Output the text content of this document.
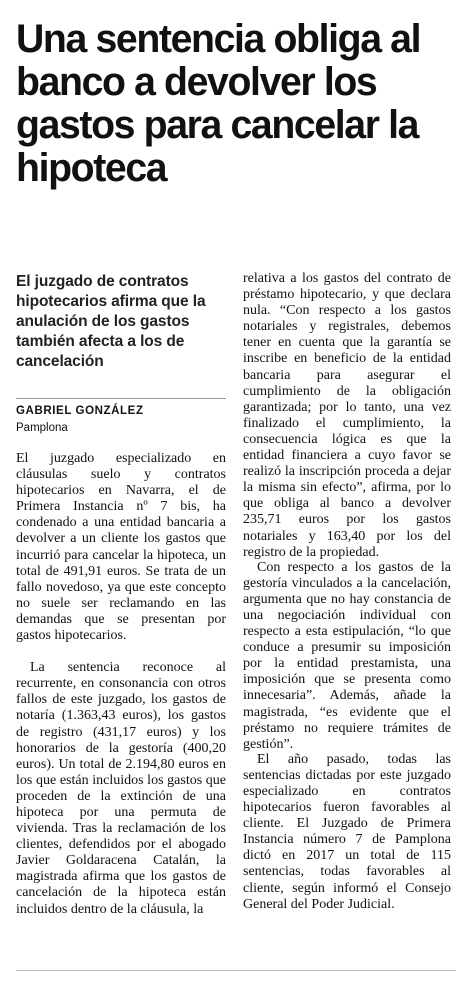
Una sentencia obliga al banco a devolver los gastos para cancelar la hipoteca

El juzgado de contratos hipotecarios afirma que la anulación de los gastos también afecta a los de cancelación

GABRIEL GONZÁLEZ

Pamplona

El juzgado especializado en cláusulas suelo y contratos hipotecarios en Navarra, el de Primera Instancia nº 7 bis, ha condenado a una entidad bancaria a devolver a un cliente los gastos que incurrió para cancelar la hipoteca, un total de 491,91 euros. Se trata de un fallo novedoso, ya que este concepto no suele ser reclamando en las demandas que se presentan por gastos hipotecarios.

La sentencia reconoce al recurrente, en consonancia con otros fallos de este juzgado, los gastos de notaría (1.363,43 euros), los gastos de registro (431,17 euros) y los honorarios de la gestoría (400,20 euros). Un total de 2.194,80 euros en los que están incluidos los gastos que proceden de la extinción de una hipoteca por una permuta de vivienda. Tras la reclamación de los clientes, defendidos por el abogado Javier Goldaracena Catalán, la magistrada afirma que los gastos de cancelación de la hipoteca están incluidos dentro de la cláusula, la

relativa a los gastos del contrato de préstamo hipotecario, y que declara nula. “Con respecto a los gastos notariales y registrales, debemos tener en cuenta que la garantía se inscribe en beneficio de la entidad bancaria para asegurar el cumplimiento de la obligación garantizada; por lo tanto, una vez finalizado el cumplimiento, la consecuencia lógica es que la entidad financiera a cuyo favor se realizó la inscripción proceda a dejar la misma sin efecto”, afirma, por lo que obliga al banco a devolver 235,71 euros por los gastos notariales y 163,40 por los del registro de la propiedad.

Con respecto a los gastos de la gestoría vinculados a la cancelación, argumenta que no hay constancia de una negociación individual con respecto a esta estipulación, “lo que conduce a presumir su imposición por la entidad prestamista, una imposición que se presenta como innecesaria”. Además, añade la magistrada, “es evidente que el préstamo no requiere trámites de gestión”.

El año pasado, todas las sentencias dictadas por este juzgado especializado en contratos hipotecarios fueron favorables al cliente. El Juzgado de Primera Instancia número 7 de Pamplona dictó en 2017 un total de 115 sentencias, todas favorables al cliente, según informó el Consejo General del Poder Judicial.
